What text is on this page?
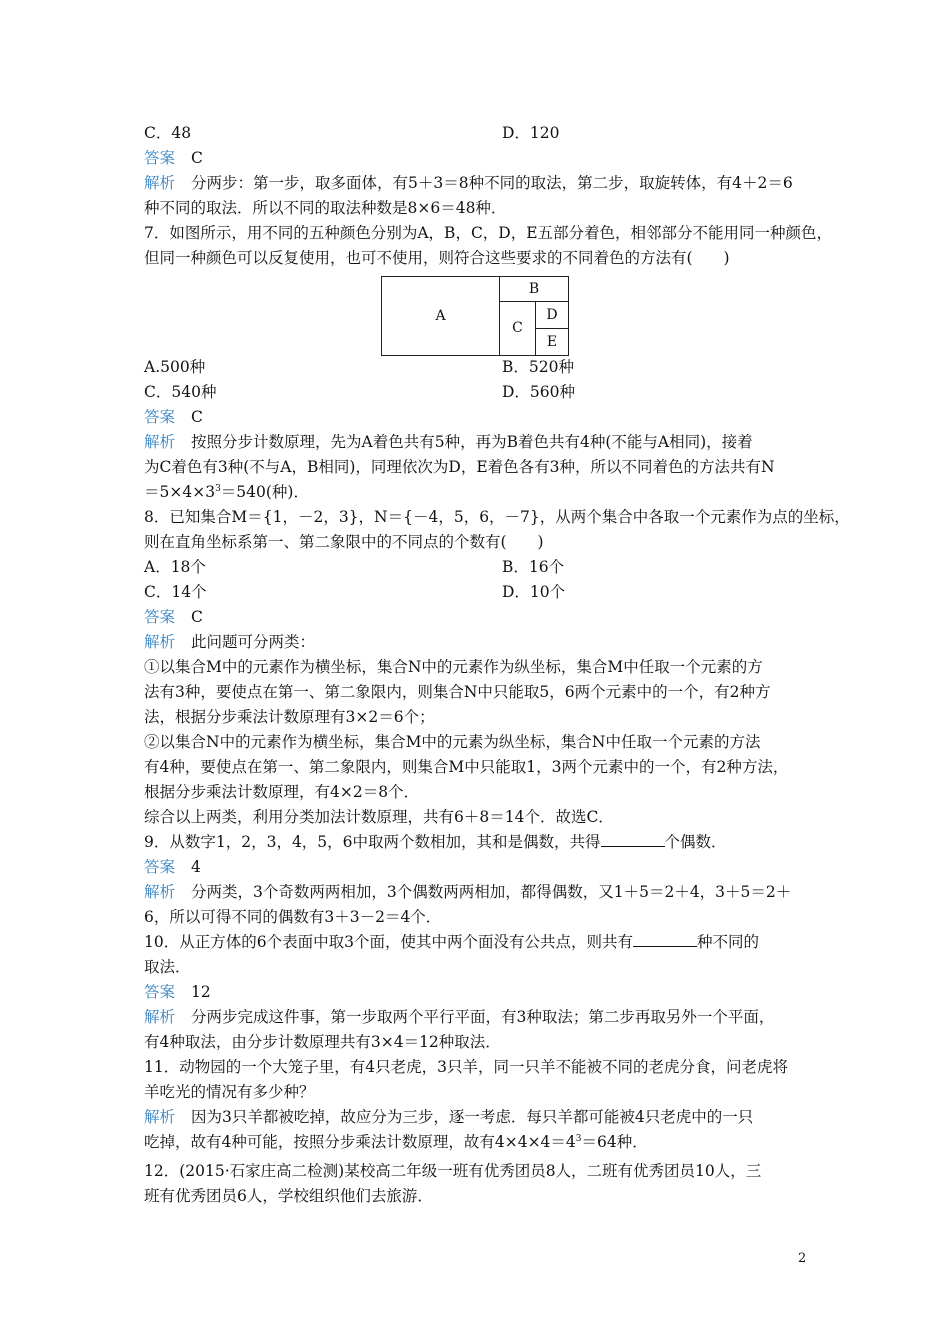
C．48	D．120
答案 C
解析 分两步：第一步，取多面体，有5＋3＝8种不同的取法，第二步，取旋转体，有4＋2＝6
种不同的取法．所以不同的取法种数是8×6＝48种．
7．如图所示，用不同的五种颜色分别为A，B，C，D，E五部分着色，相邻部分不能用同一种颜色，
但同一种颜色可以反复使用，也可不使用，则符合这些要求的不同着色的方法有(　　)
A
B
C
D
E
A.500种	B．520种
C．540种	D．560种
答案 C
解析 按照分步计数原理，先为A着色共有5种，再为B着色共有4种(不能与A相同)，接着
为C着色有3种(不与A，B相同)，同理依次为D，E着色各有3种，所以不同着色的方法共有N
$=5\times 4\times 3^3=540$(种)．
8．已知集合M＝{1，－2，3}，N＝{－4，5，6，－7}，从两个集合中各取一个元素作为点的坐标，
则在直角坐标系第一、第二象限中的不同点的个数有(　　)
A．18个	B．16个
C．14个	D．10个
答案 C
解析 此问题可分两类：
①以集合M中的元素作为横坐标，集合N中的元素作为纵坐标，集合M中任取一个元素的方
法有3种，要使点在第一、第二象限内，则集合N中只能取5，6两个元素中的一个，有2种方
法，根据分步乘法计数原理有3×2＝6个；
②以集合N中的元素作为横坐标，集合M中的元素为纵坐标，集合N中任取一个元素的方法
有4种，要使点在第一、第二象限内，则集合M中只能取1，3两个元素中的一个，有2种方法，
根据分步乘法计数原理，有4×2＝8个．
综合以上两类，利用分类加法计数原理，共有6＋8＝14个．故选C．
9．从数字1，2，3，4，5，6中取两个数相加，其和是偶数，共得	个偶数．
答案 4
解析 分两类，3个奇数两两相加，3个偶数两两相加，都得偶数，又1＋5＝2＋4，3＋5＝2＋
6，所以可得不同的偶数有3＋3－2＝4个．
10．从正方体的6个表面中取3个面，使其中两个面没有公共点，则共有	种不同的
取法．
答案 12
解析 分两步完成这件事，第一步取两个平行平面，有3种取法；第二步再取另外一个平面，
有4种取法，由分步计数原理共有3×4＝12种取法．
11．动物园的一个大笼子里，有4只老虎，3只羊，同一只羊不能被不同的老虎分食，问老虎将
羊吃光的情况有多少种？
解析 因为3只羊都被吃掉，故应分为三步，逐一考虑．每只羊都可能被4只老虎中的一只
吃掉，故有4种可能，按照分步乘法计数原理，故有$4\times 4\times 4=4^3=64$种．
12．(2015·石家庄高二检测)某校高二年级一班有优秀团员8人，二班有优秀团员10人，三
班有优秀团员6人，学校组织他们去旅游．
2
